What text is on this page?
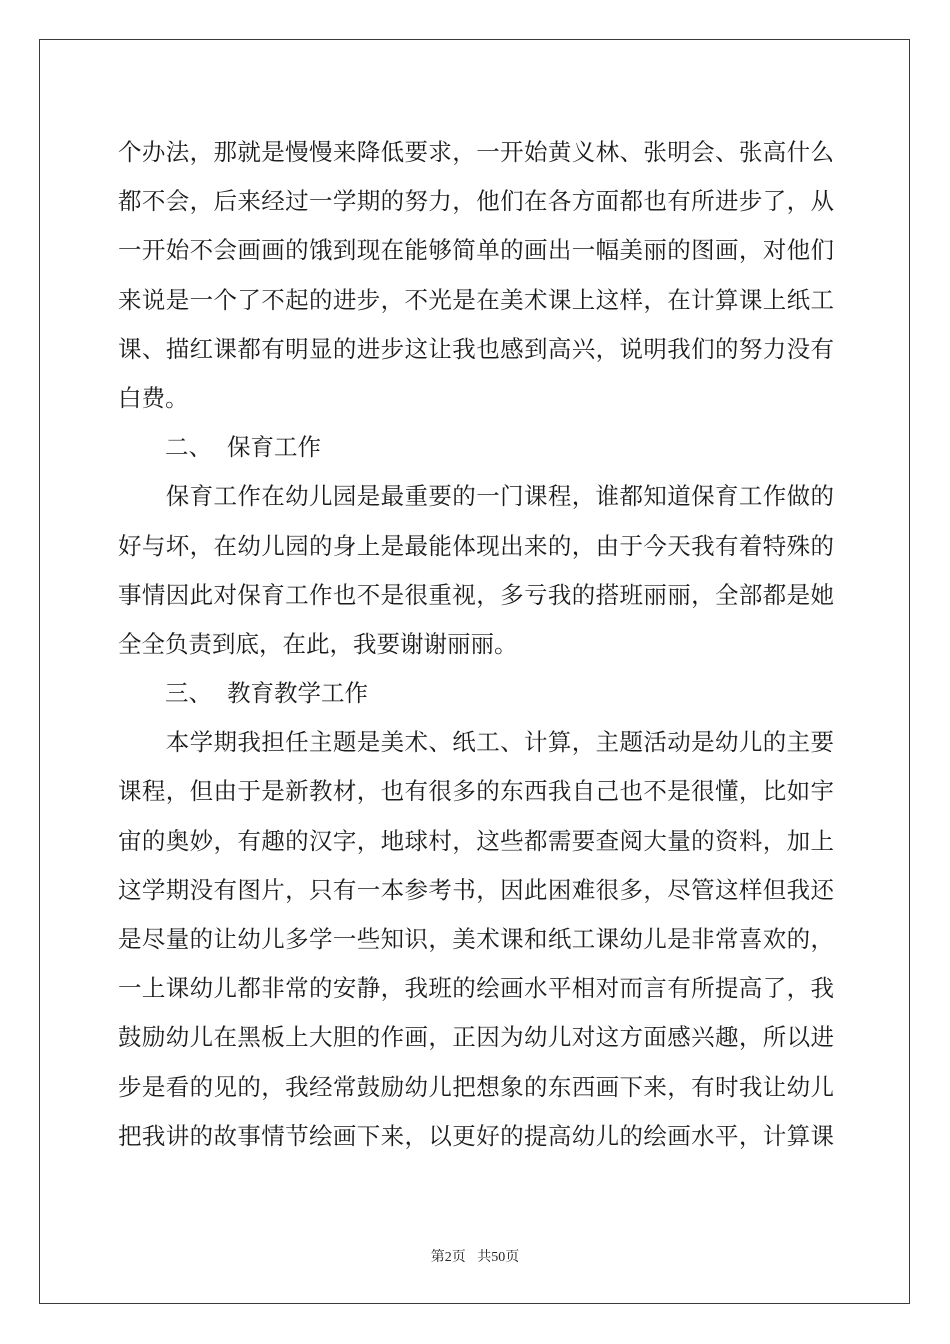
个办法，那就是慢慢来降低要求，一开始黄义林、张明会、张高什么
都不会，后来经过一学期的努力，他们在各方面都也有所进步了，从
一开始不会画画的饿到现在能够简单的画出一幅美丽的图画，对他们
来说是一个了不起的进步，不光是在美术课上这样，在计算课上纸工
课、描红课都有明显的进步这让我也感到高兴，说明我们的努力没有
白费。
二、 保育工作
　　保育工作在幼儿园是最重要的一门课程，谁都知道保育工作做的
好与坏，在幼儿园的身上是最能体现出来的，由于今天我有着特殊的
事情因此对保育工作也不是很重视，多亏我的搭班丽丽，全部都是她
全全负责到底，在此，我要谢谢丽丽。
三、 教育教学工作
　　本学期我担任主题是美术、纸工、计算，主题活动是幼儿的主要
课程，但由于是新教材，也有很多的东西我自己也不是很懂，比如宇
宙的奥妙，有趣的汉字，地球村，这些都需要查阅大量的资料，加上
这学期没有图片，只有一本参考书，因此困难很多，尽管这样但我还
是尽量的让幼儿多学一些知识，美术课和纸工课幼儿是非常喜欢的，
一上课幼儿都非常的安静，我班的绘画水平相对而言有所提高了，我
鼓励幼儿在黑板上大胆的作画，正因为幼儿对这方面感兴趣，所以进
步是看的见的，我经常鼓励幼儿把想象的东西画下来，有时我让幼儿
把我讲的故事情节绘画下来，以更好的提高幼儿的绘画水平，计算课
第2页 共50页
